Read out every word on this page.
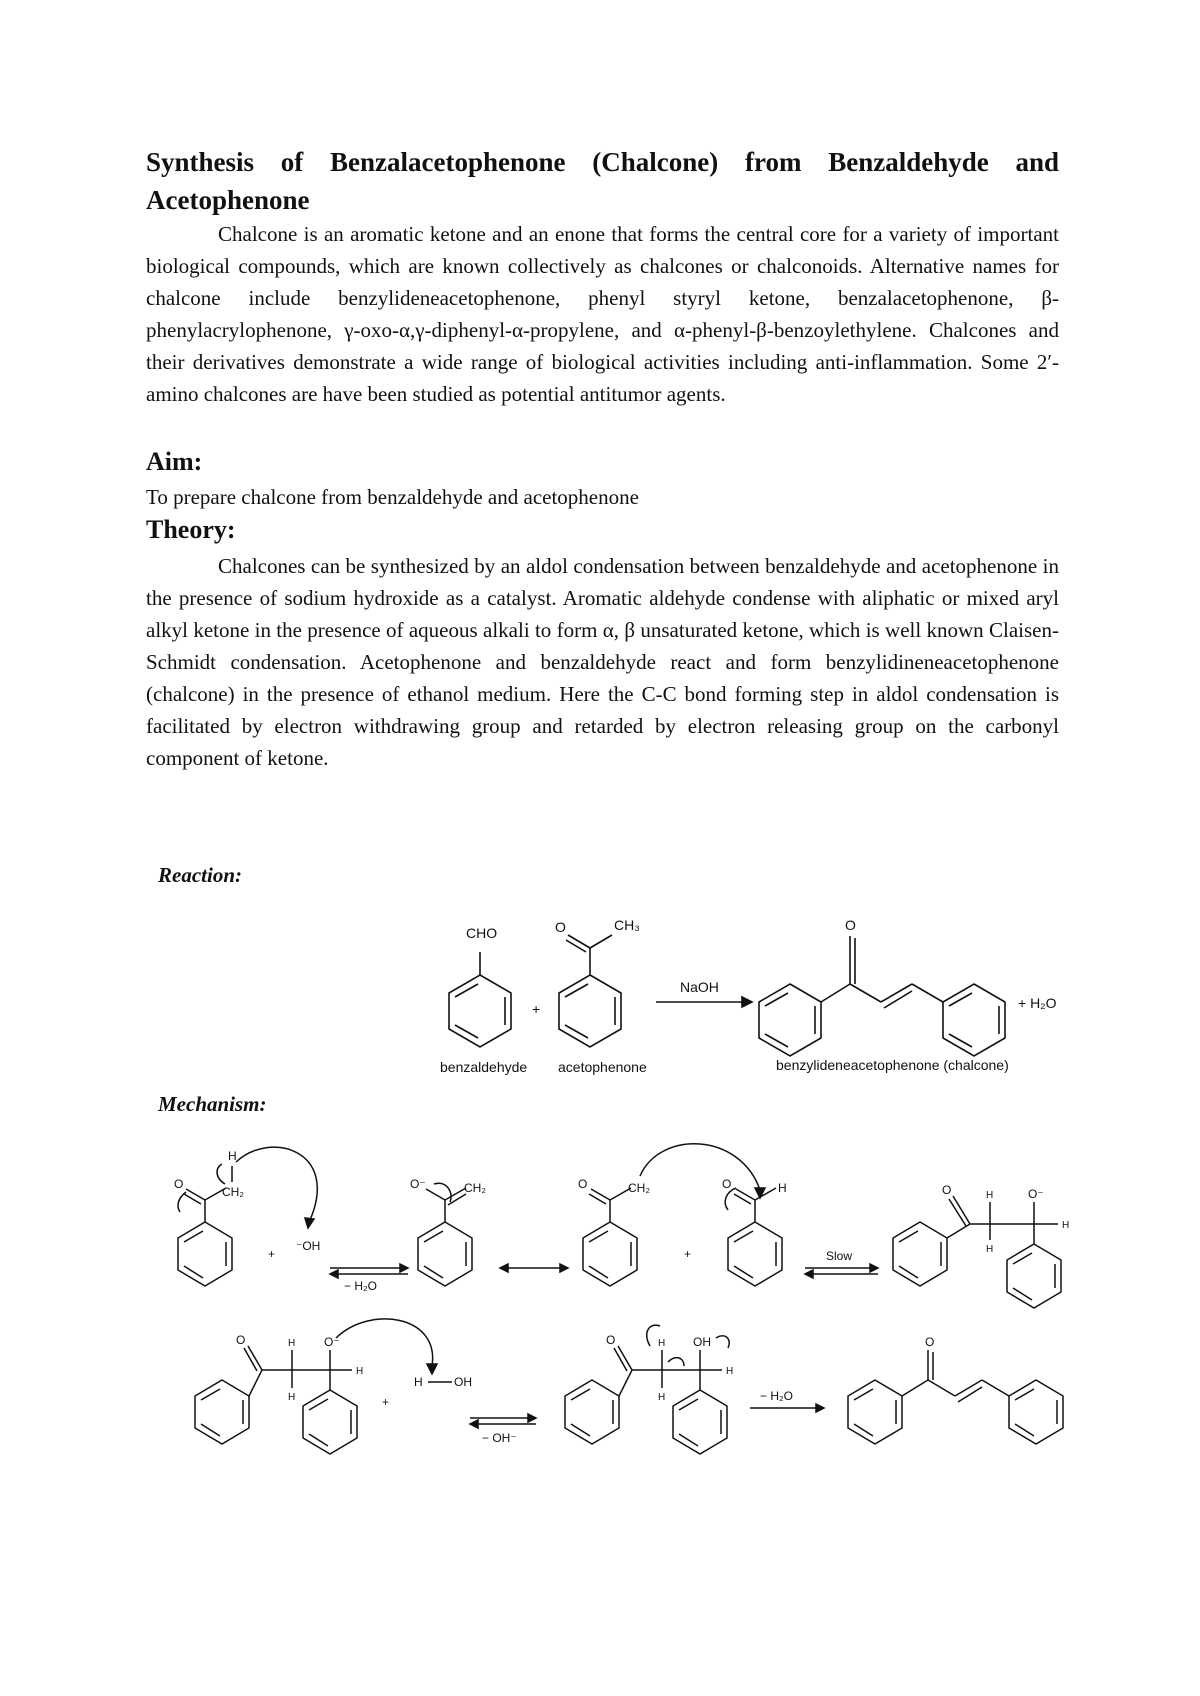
Synthesis of Benzalacetophenone (Chalcone) from Benzaldehyde and Acetophenone

Chalcone is an aromatic ketone and an enone that forms the central core for a variety of important biological compounds, which are known collectively as chalcones or chalconoids. Alternative names for chalcone include benzylideneacetophenone, phenyl styryl ketone, benzalacetophenone, β-phenylacrylophenone, γ-oxo-α,γ-diphenyl-α-propylene, and α-phenyl-β-benzoylethylene. Chalcones and their derivatives demonstrate a wide range of biological activities including anti-inflammation. Some 2′-amino chalcones are have been studied as potential antitumor agents.

Aim:
To prepare chalcone from benzaldehyde and acetophenone
Theory:

Chalcones can be synthesized by an aldol condensation between benzaldehyde and acetophenone in the presence of sodium hydroxide as a catalyst. Aromatic aldehyde condense with aliphatic or mixed aryl alkyl ketone in the presence of aqueous alkali to form α, β unsaturated ketone, which is well known Claisen-Schmidt condensation. Acetophenone and benzaldehyde react and form benzylidineneacetophenone (chalcone) in the presence of ethanol medium. Here the C-C bond forming step in aldol condensation is facilitated by electron withdrawing group and retarded by electron releasing group on the carbonyl component of ketone.

Reaction:
CHO	O	CH₃
+
NaOH
O
+ H₂O
benzaldehyde acetophenone	benzylideneacetophenone (chalcone)
Mechanism:
H
O
CH₂
+
⁻OH
− H₂O
O⁻	CH₂	O	CH₂
+
O	H
Slow
O	H
H
O⁻
H
O	H
H
O⁻
H
+
H	OH
− OH⁻
O	H
H
OH
H
− H₂O
O
